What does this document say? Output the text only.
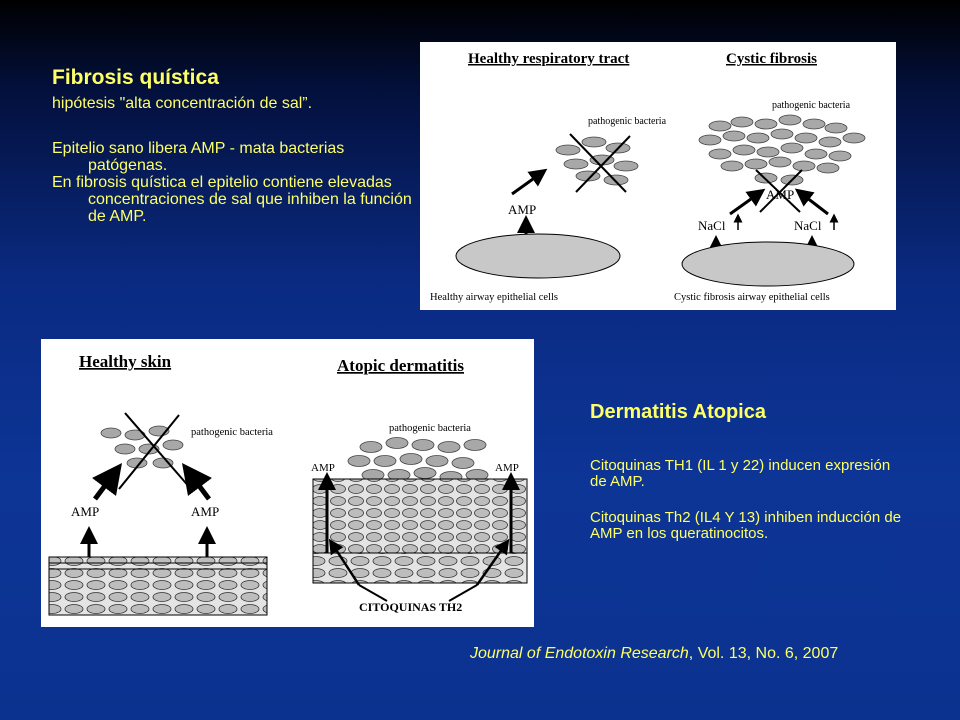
Fibrosis quística
hipótesis "alta concentración de sal”.

Epitelio sano libera AMP - mata bacterias patógenas.

En fibrosis quística el epitelio contiene elevadas concentraciones de sal que inhiben la función de AMP.

Healthy respiratory tract	Cystic fibrosis
pathogenic bacteria
pathogenic bacteria
AMP
Healthy airway epithelial cells
AMP
NaCl	NaCl
Cystic fibrosis airway epithelial cells
Healthy skin	Atopic dermatitis
pathogenic bacteria	pathogenic bacteria
AMP	AMP
AMP	AMP
CITOQUINAS TH2
Dermatitis Atopica

Citoquinas TH1 (IL 1 y 22) inducen expresión de AMP.

Citoquinas Th2 (IL4 Y 13) inhiben inducción de AMP en los queratinocitos.

Journal of Endotoxin Research, Vol. 13, No. 6, 2007
